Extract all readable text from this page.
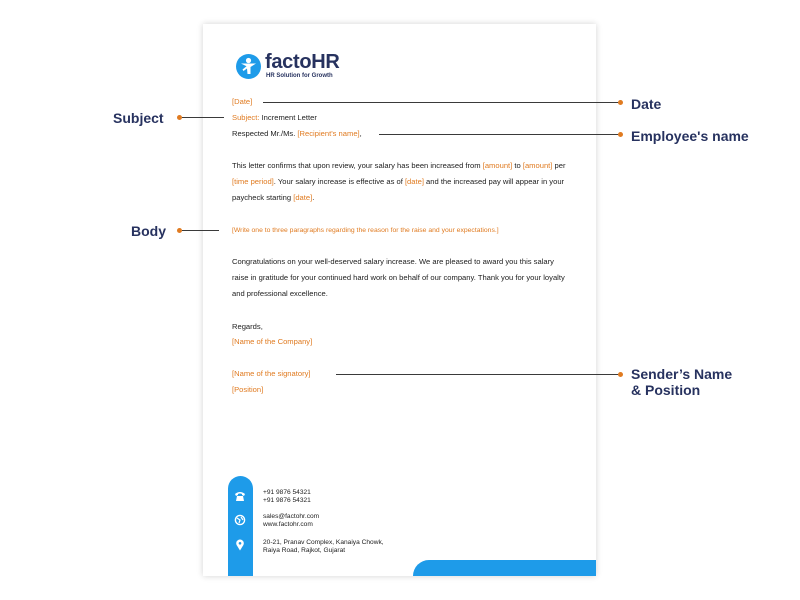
factoHR
HR Solution for Growth
[Date]
Subject: Increment Letter
Respected Mr./Ms. [Recipient's name],
This letter confirms that upon review, your salary has been increased from [amount] to [amount] per [time period]. Your salary increase is effective as of [date] and the increased pay will appear in your paycheck starting [date].
[Write one to three paragraphs regarding the reason for the raise and your expectations.]
Congratulations on your well-deserved salary increase. We are pleased to award you this salary raise in gratitude for your continued hard work on behalf of our company. Thank you for your loyalty and professional excellence.
Regards,
[Name of the Company]
[Name of the signatory]
[Position]
+91 9876 54321
+91 9876 54321
sales@factohr.com
www.factohr.com
20-21, Pranav Complex, Kanaiya Chowk,
Raiya Road, Rajkot, Gujarat
Subject
Body
Date
Employee's name
Sender’s Name
& Position
